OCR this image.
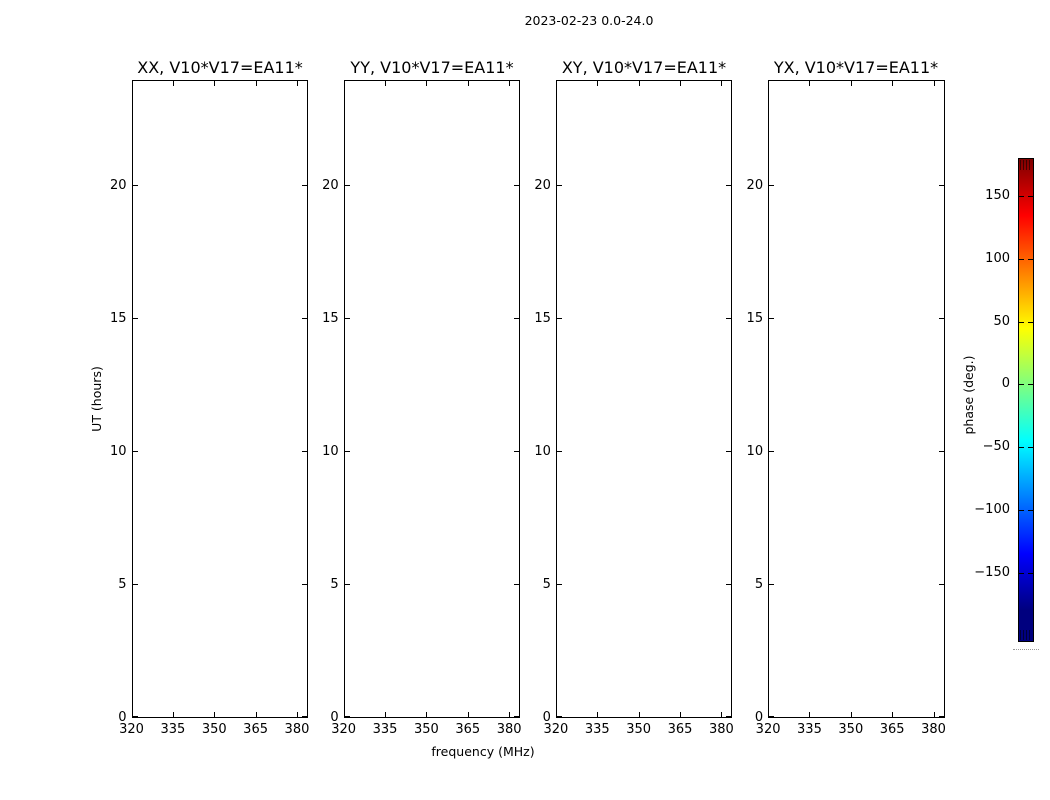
2023-02-23 0.0-24.0
XX, V10*V17=EA11*	YY, V10*V17=EA11*	XY, V10*V17=EA11*	YX, V10*V17=EA11*
UT (hours)
frequency (MHz)
phase (deg.)
320	335	350	365	380
0
5
10
15
20
320	335	350	365	380
0
5
10
15
20
320	335	350	365	380
0
5
10
15
20
320	335	350	365	380
0
5
10
15
20
150
100
50
0
−50
−100
−150
